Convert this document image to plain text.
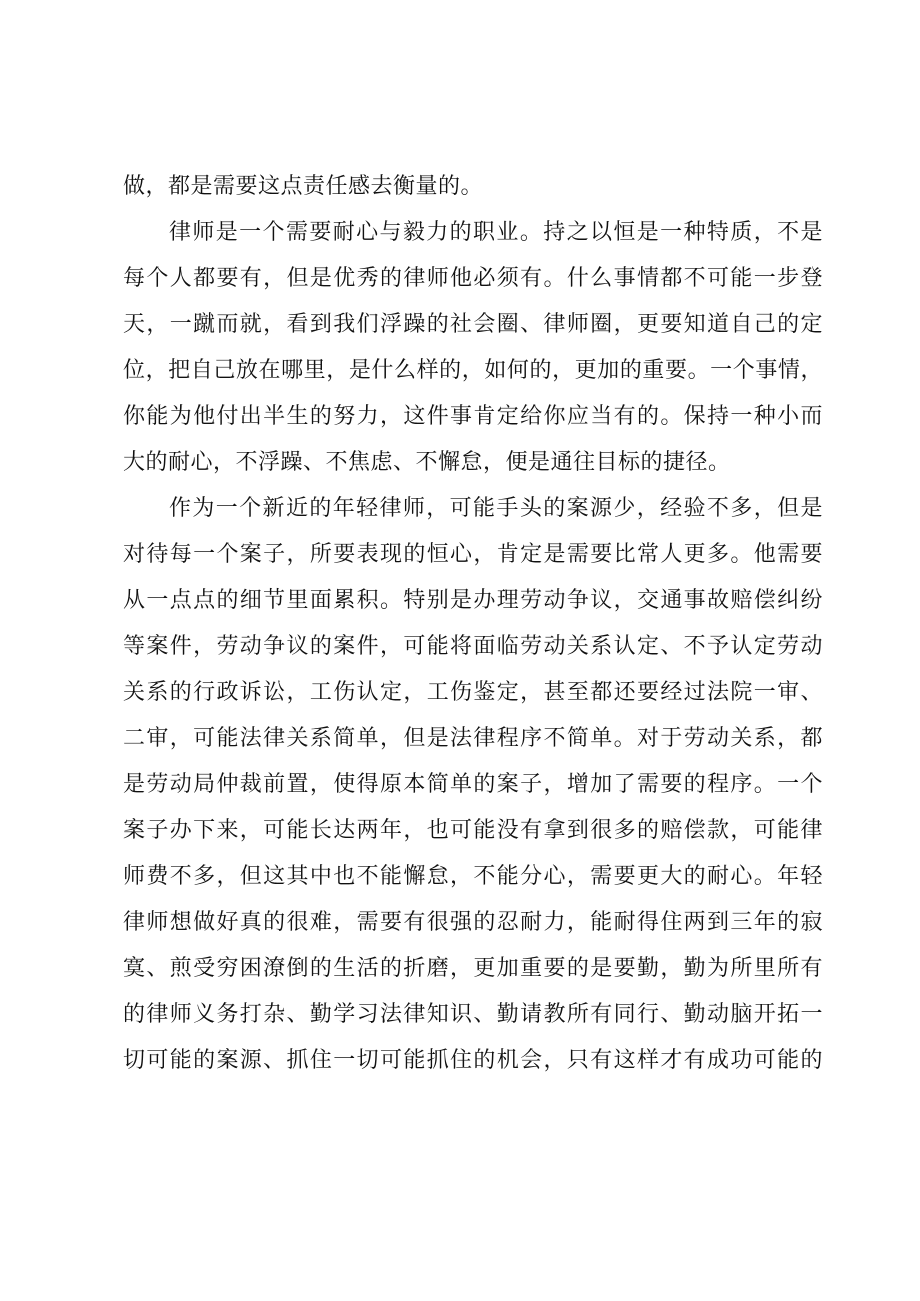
做，都是需要这点责任感去衡量的。
律师是一个需要耐心与毅力的职业。持之以恒是一种特质，不是
每个人都要有，但是优秀的律师他必须有。什么事情都不可能一步登
天，一蹴而就，看到我们浮躁的社会圈、律师圈，更要知道自己的定
位，把自己放在哪里，是什么样的，如何的，更加的重要。一个事情，
你能为他付出半生的努力，这件事肯定给你应当有的。保持一种小而
大的耐心，不浮躁、不焦虑、不懈怠，便是通往目标的捷径。
作为一个新近的年轻律师，可能手头的案源少，经验不多，但是
对待每一个案子，所要表现的恒心，肯定是需要比常人更多。他需要
从一点点的细节里面累积。特别是办理劳动争议，交通事故赔偿纠纷
等案件，劳动争议的案件，可能将面临劳动关系认定、不予认定劳动
关系的行政诉讼，工伤认定，工伤鉴定，甚至都还要经过法院一审、
二审，可能法律关系简单，但是法律程序不简单。对于劳动关系，都
是劳动局仲裁前置，使得原本简单的案子，增加了需要的程序。一个
案子办下来，可能长达两年，也可能没有拿到很多的赔偿款，可能律
师费不多，但这其中也不能懈怠，不能分心，需要更大的耐心。年轻
律师想做好真的很难，需要有很强的忍耐力，能耐得住两到三年的寂
寞、煎受穷困潦倒的生活的折磨，更加重要的是要勤，勤为所里所有
的律师义务打杂、勤学习法律知识、勤请教所有同行、勤动脑开拓一
切可能的案源、抓住一切可能抓住的机会，只有这样才有成功可能的
